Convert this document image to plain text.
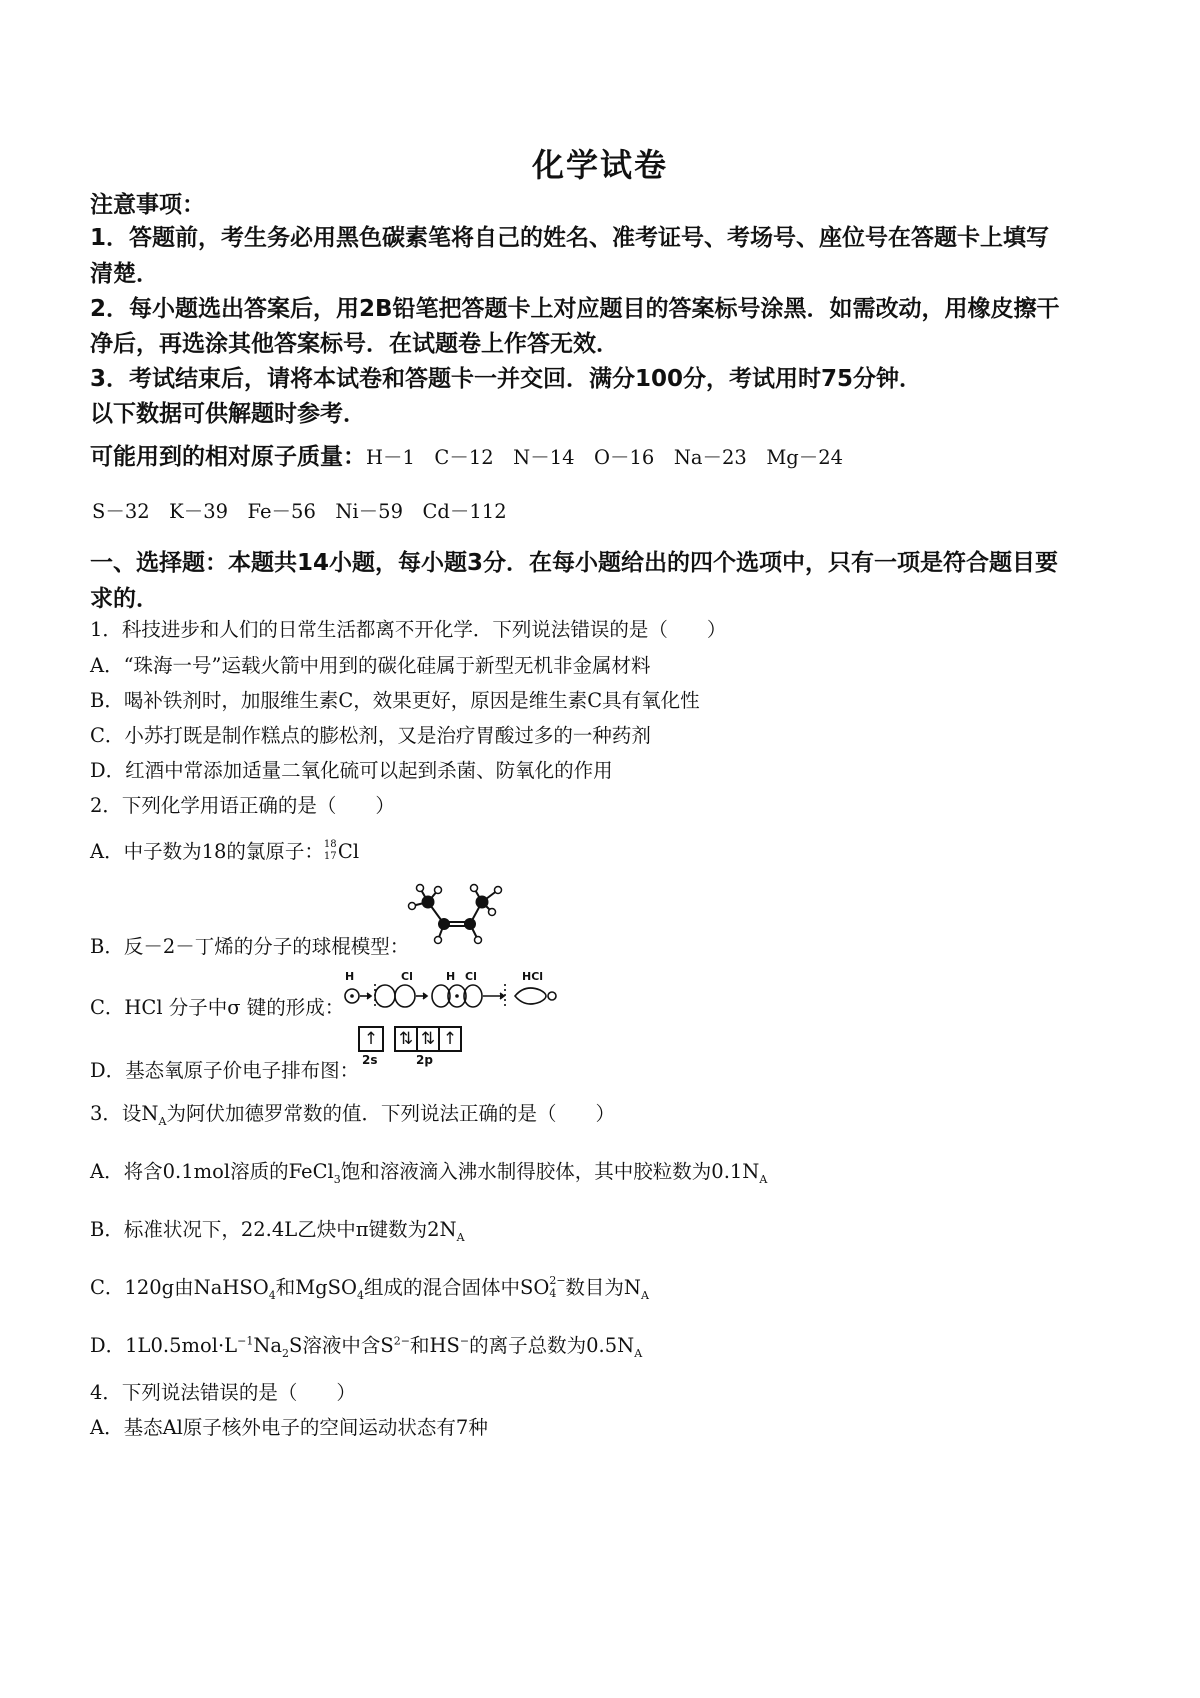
化学试卷
注意事项：
1．答题前，考生务必用黑色碳素笔将自己的姓名、准考证号、考场号、座位号在答题卡上填写
清楚．
2．每小题选出答案后，用2B铅笔把答题卡上对应题目的答案标号涂黑．如需改动，用橡皮擦干
净后，再选涂其他答案标号．在试题卷上作答无效．
3．考试结束后，请将本试卷和答题卡一并交回．满分100分，考试用时75分钟．
以下数据可供解题时参考．
可能用到的相对原子质量：H－1　C－12　N－14　O－16　Na－23　Mg－24
S－32　K－39　Fe－56　Ni－59　Cd－112
一、选择题：本题共14小题，每小题3分．在每小题给出的四个选项中，只有一项是符合题目要
求的．
1．科技进步和人们的日常生活都离不开化学．下列说法错误的是（　　）
A．“珠海一号”运载火箭中用到的碳化硅属于新型无机非金属材料
B．喝补铁剂时，加服维生素C，效果更好，原因是维生素C具有氧化性
C．小苏打既是制作糕点的膨松剂，又是治疗胃酸过多的一种药剂
D．红酒中常添加适量二氧化硫可以起到杀菌、防氧化的作用
2．下列化学用语正确的是（　　）
A．中子数为18的氯原子： 18
17 Cl
B．反－2－丁烯的分子的球棍模型：
C．HCl 分子中σ 键的形成：
H	Cl	H Cl	HCl
D．基态氧原子价电子排布图：
↑	⇅ ⇅ ↑
2s	2p
3．设$N_A$为阿伏加德罗常数的值．下列说法正确的是（　　）
A．将含0.1mol溶质的FeCl$_3$饱和溶液滴入沸水制得胶体，其中胶粒数为$0.1N_A$
B．标准状况下，22.4L乙炔中π键数为$2N_A$
C．120g由NaHSO$_4$和MgSO$_4$组成的混合固体中SO 2−
4 数目为$N_A$
D．$1L0.5mol\cdot L^{-1}Na_2S$溶液中含$S^{2-}$和HS−的离子总数为$0.5N_A$
4．下列说法错误的是（　　）
A．基态Al原子核外电子的空间运动状态有7种
